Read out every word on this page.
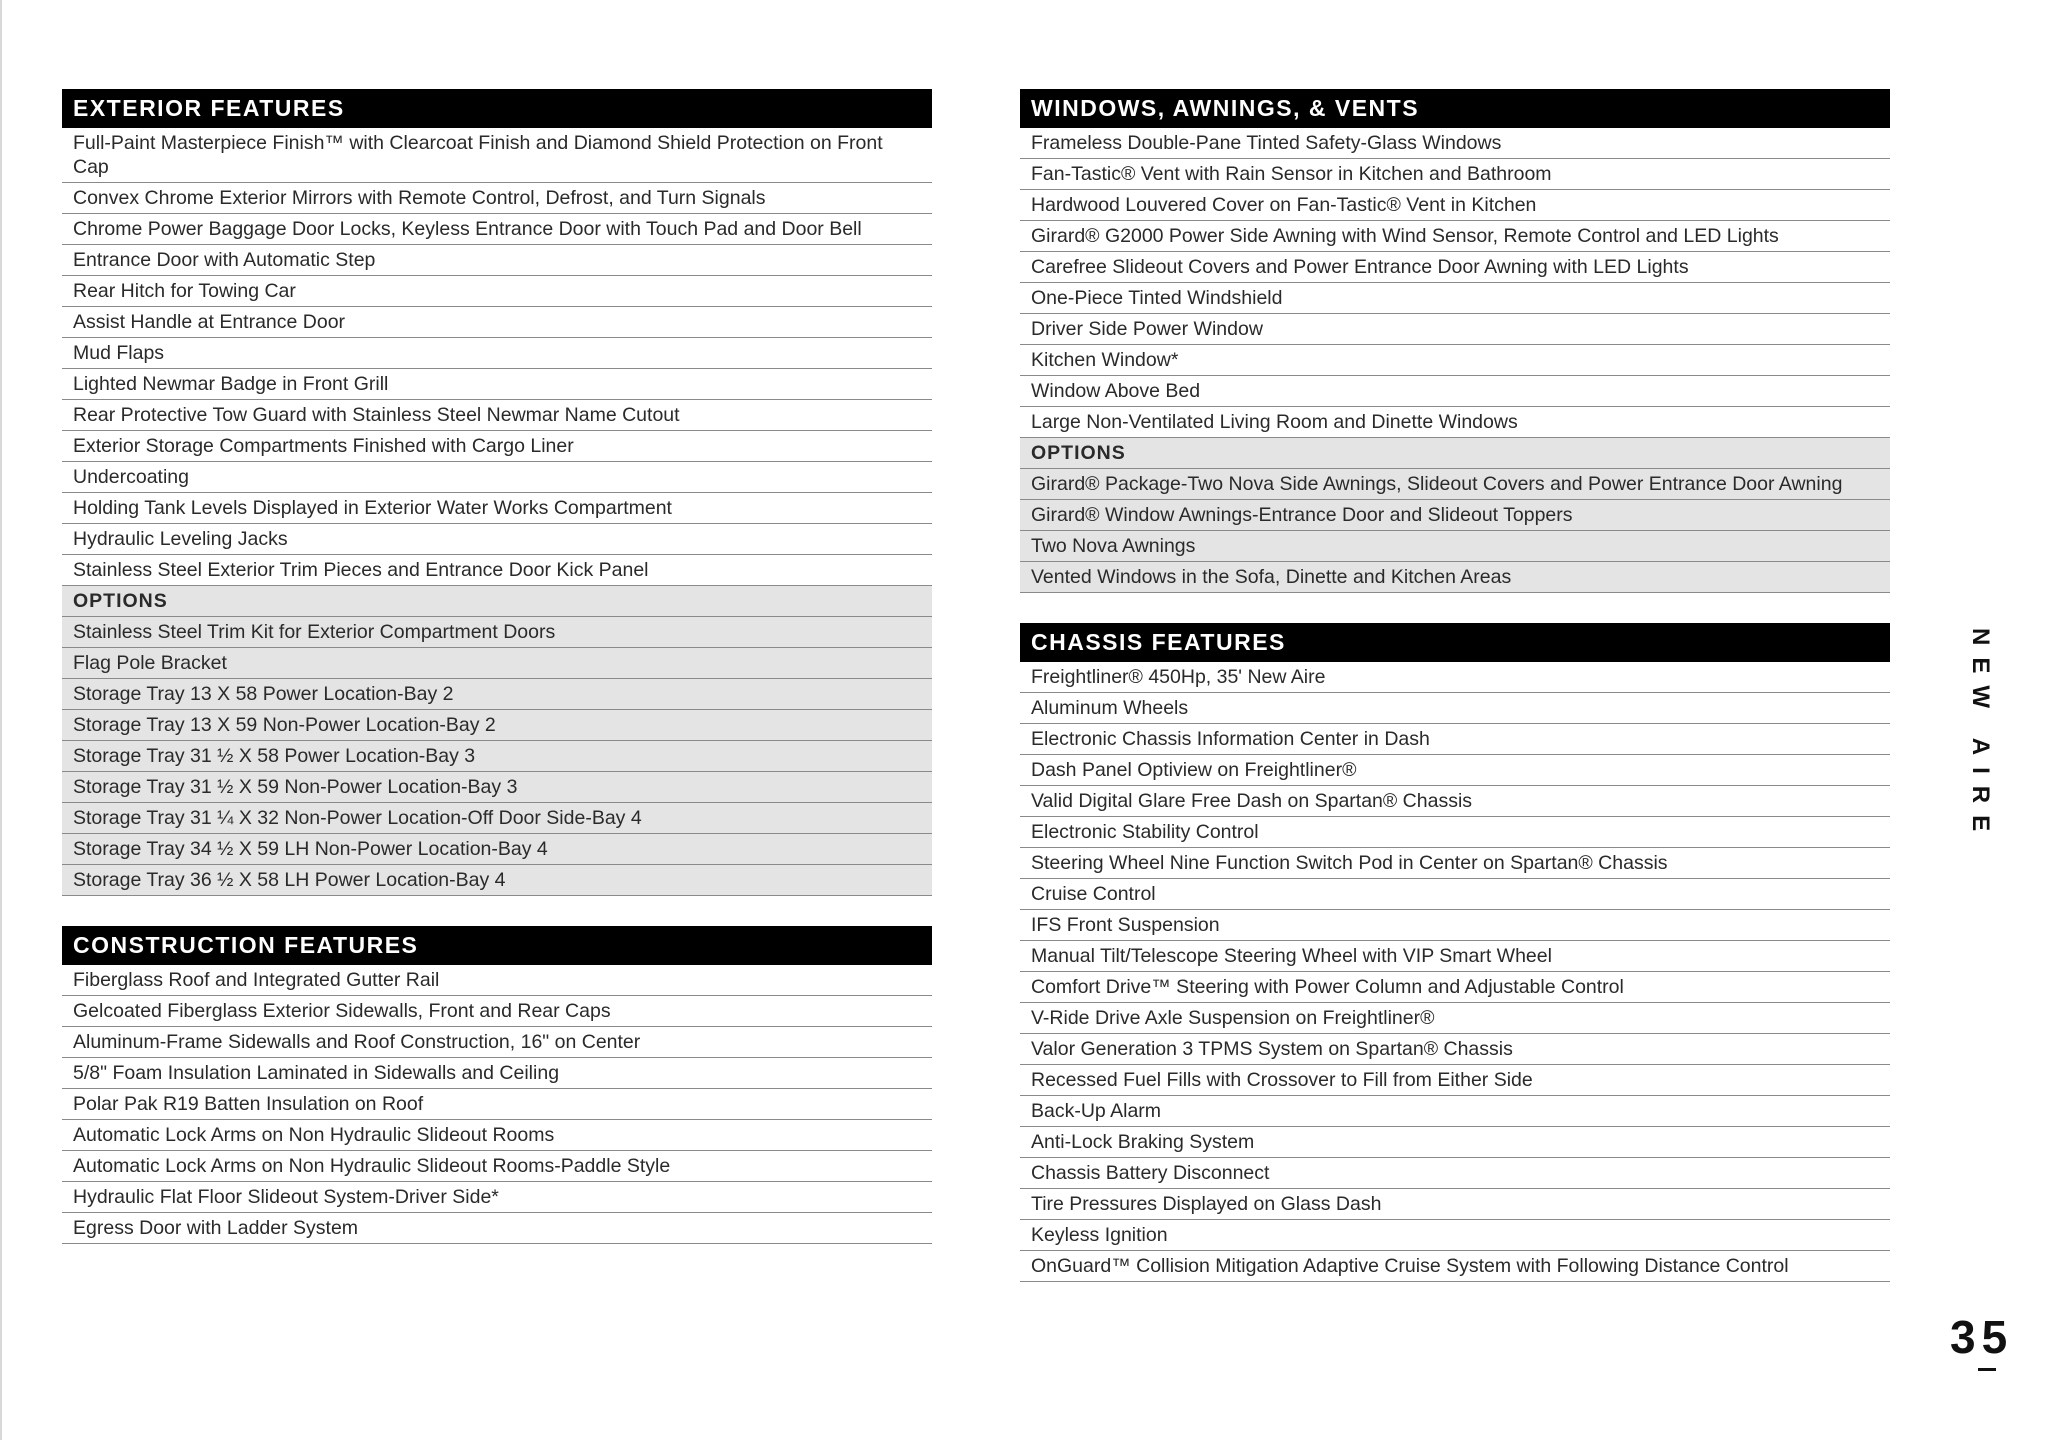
EXTERIOR FEATURES
Full-Paint Masterpiece Finish™ with Clearcoat Finish and Diamond Shield Protection on Front Cap
Convex Chrome Exterior Mirrors with Remote Control, Defrost, and Turn Signals
Chrome Power Baggage Door Locks, Keyless Entrance Door with Touch Pad and Door Bell
Entrance Door with Automatic Step
Rear Hitch for Towing Car
Assist Handle at Entrance Door
Mud Flaps
Lighted Newmar Badge in Front Grill
Rear Protective Tow Guard with Stainless Steel Newmar Name Cutout
Exterior Storage Compartments Finished with Cargo Liner
Undercoating
Holding Tank Levels Displayed in Exterior Water Works Compartment
Hydraulic Leveling Jacks
Stainless Steel Exterior Trim Pieces and Entrance Door Kick Panel
OPTIONS
Stainless Steel Trim Kit for Exterior Compartment Doors
Flag Pole Bracket
Storage Tray 13 X 58 Power Location-Bay 2
Storage Tray 13 X 59 Non-Power Location-Bay 2
Storage Tray 31 ½ X 58 Power Location-Bay 3
Storage Tray 31 ½ X 59 Non-Power Location-Bay 3
Storage Tray 31 ¼ X 32 Non-Power Location-Off Door Side-Bay 4
Storage Tray 34 ½ X 59 LH Non-Power Location-Bay 4
Storage Tray 36 ½ X 58 LH Power Location-Bay 4
CONSTRUCTION FEATURES
Fiberglass Roof and Integrated Gutter Rail
Gelcoated Fiberglass Exterior Sidewalls, Front and Rear Caps
Aluminum-Frame Sidewalls and Roof Construction, 16" on Center
5/8" Foam Insulation Laminated in Sidewalls and Ceiling
Polar Pak R19 Batten Insulation on Roof
Automatic Lock Arms on Non Hydraulic Slideout Rooms
Automatic Lock Arms on Non Hydraulic Slideout Rooms-Paddle Style
Hydraulic Flat Floor Slideout System-Driver Side*
Egress Door with Ladder System
WINDOWS, AWNINGS, & VENTS
Frameless Double-Pane Tinted Safety-Glass Windows
Fan-Tastic® Vent with Rain Sensor in Kitchen and Bathroom
Hardwood Louvered Cover on Fan-Tastic® Vent in Kitchen
Girard® G2000 Power Side Awning with Wind Sensor, Remote Control and LED Lights
Carefree Slideout Covers and Power Entrance Door Awning with LED Lights
One-Piece Tinted Windshield
Driver Side Power Window
Kitchen Window*
Window Above Bed
Large Non-Ventilated Living Room and Dinette Windows
OPTIONS
Girard® Package-Two Nova Side Awnings, Slideout Covers and Power Entrance Door Awning
Girard® Window Awnings-Entrance Door and Slideout Toppers
Two Nova Awnings
Vented Windows in the Sofa, Dinette and Kitchen Areas
CHASSIS FEATURES
Freightliner® 450Hp, 35' New Aire
Aluminum Wheels
Electronic Chassis Information Center in Dash
Dash Panel Optiview on Freightliner®
Valid Digital Glare Free Dash on Spartan® Chassis
Electronic Stability Control
Steering Wheel Nine Function Switch Pod in Center on Spartan® Chassis
Cruise Control
IFS Front Suspension
Manual Tilt/Telescope Steering Wheel with VIP Smart Wheel
Comfort Drive™ Steering with Power Column and Adjustable Control
V-Ride Drive Axle Suspension on Freightliner®
Valor Generation 3 TPMS System on Spartan® Chassis
Recessed Fuel Fills with Crossover to Fill from Either Side
Back-Up Alarm
Anti-Lock Braking System
Chassis Battery Disconnect
Tire Pressures Displayed on Glass Dash
Keyless Ignition
OnGuard™ Collision Mitigation Adaptive Cruise System with Following Distance Control
NEW AIRE
35
